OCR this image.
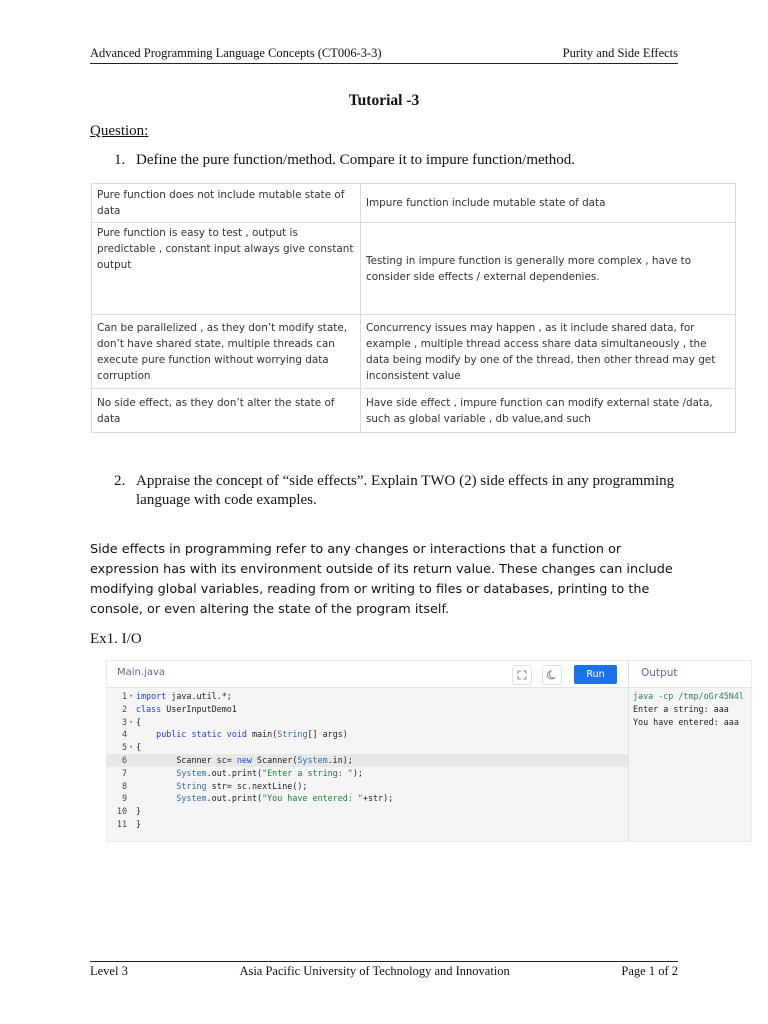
Advanced Programming Language Concepts (CT006-3-3)	Purity and Side Effects
Tutorial -3
Question:
1. Define the pure function/method. Compare it to impure function/method.
Pure function does not include mutable state of data	Impure function include mutable state of data
Pure function is easy to test , output is predictable , constant input always give constant output	Testing in impure function is generally more complex , have to consider side effects / external dependenies.
Can be parallelized , as they don’t modify state, don’t have shared state, multiple threads can execute pure function without worrying data corruption	Concurrency issues may happen , as it include shared data, for example , multiple thread access share data simultaneously , the data being modify by one of the thread, then other thread may get inconsistent value
No side effect, as they don’t alter the state of data	Have side effect , impure function can modify external state /data, such as global variable , db value,and such
2. Appraise the concept of “side effects”. Explain TWO (2) side effects in any programming language with code examples.
Side effects in programming refer to any changes or interactions that a function or expression has with its environment outside of its return value. These changes can include modifying global variables, reading from or writing to files or databases, printing to the console, or even altering the state of the program itself.
Ex1. I/O
Main.java	Run	Output
1 ▾ import java.util.*;
2 class UserInputDemo1
3 ▾ {
4	public static void main(String[] args)
5 ▾ {
6 Scanner sc= new Scanner(System.in);
7	System.out.print("Enter a string: ");
8	String str= sc.nextLine();
9	System.out.print("You have entered: "+str);
10 }
11 }
java -cp /tmp/oGr45N4l
Enter a string: aaa
You have entered: aaa
Level 3	Asia Pacific University of Technology and Innovation	Page 1 of 2
